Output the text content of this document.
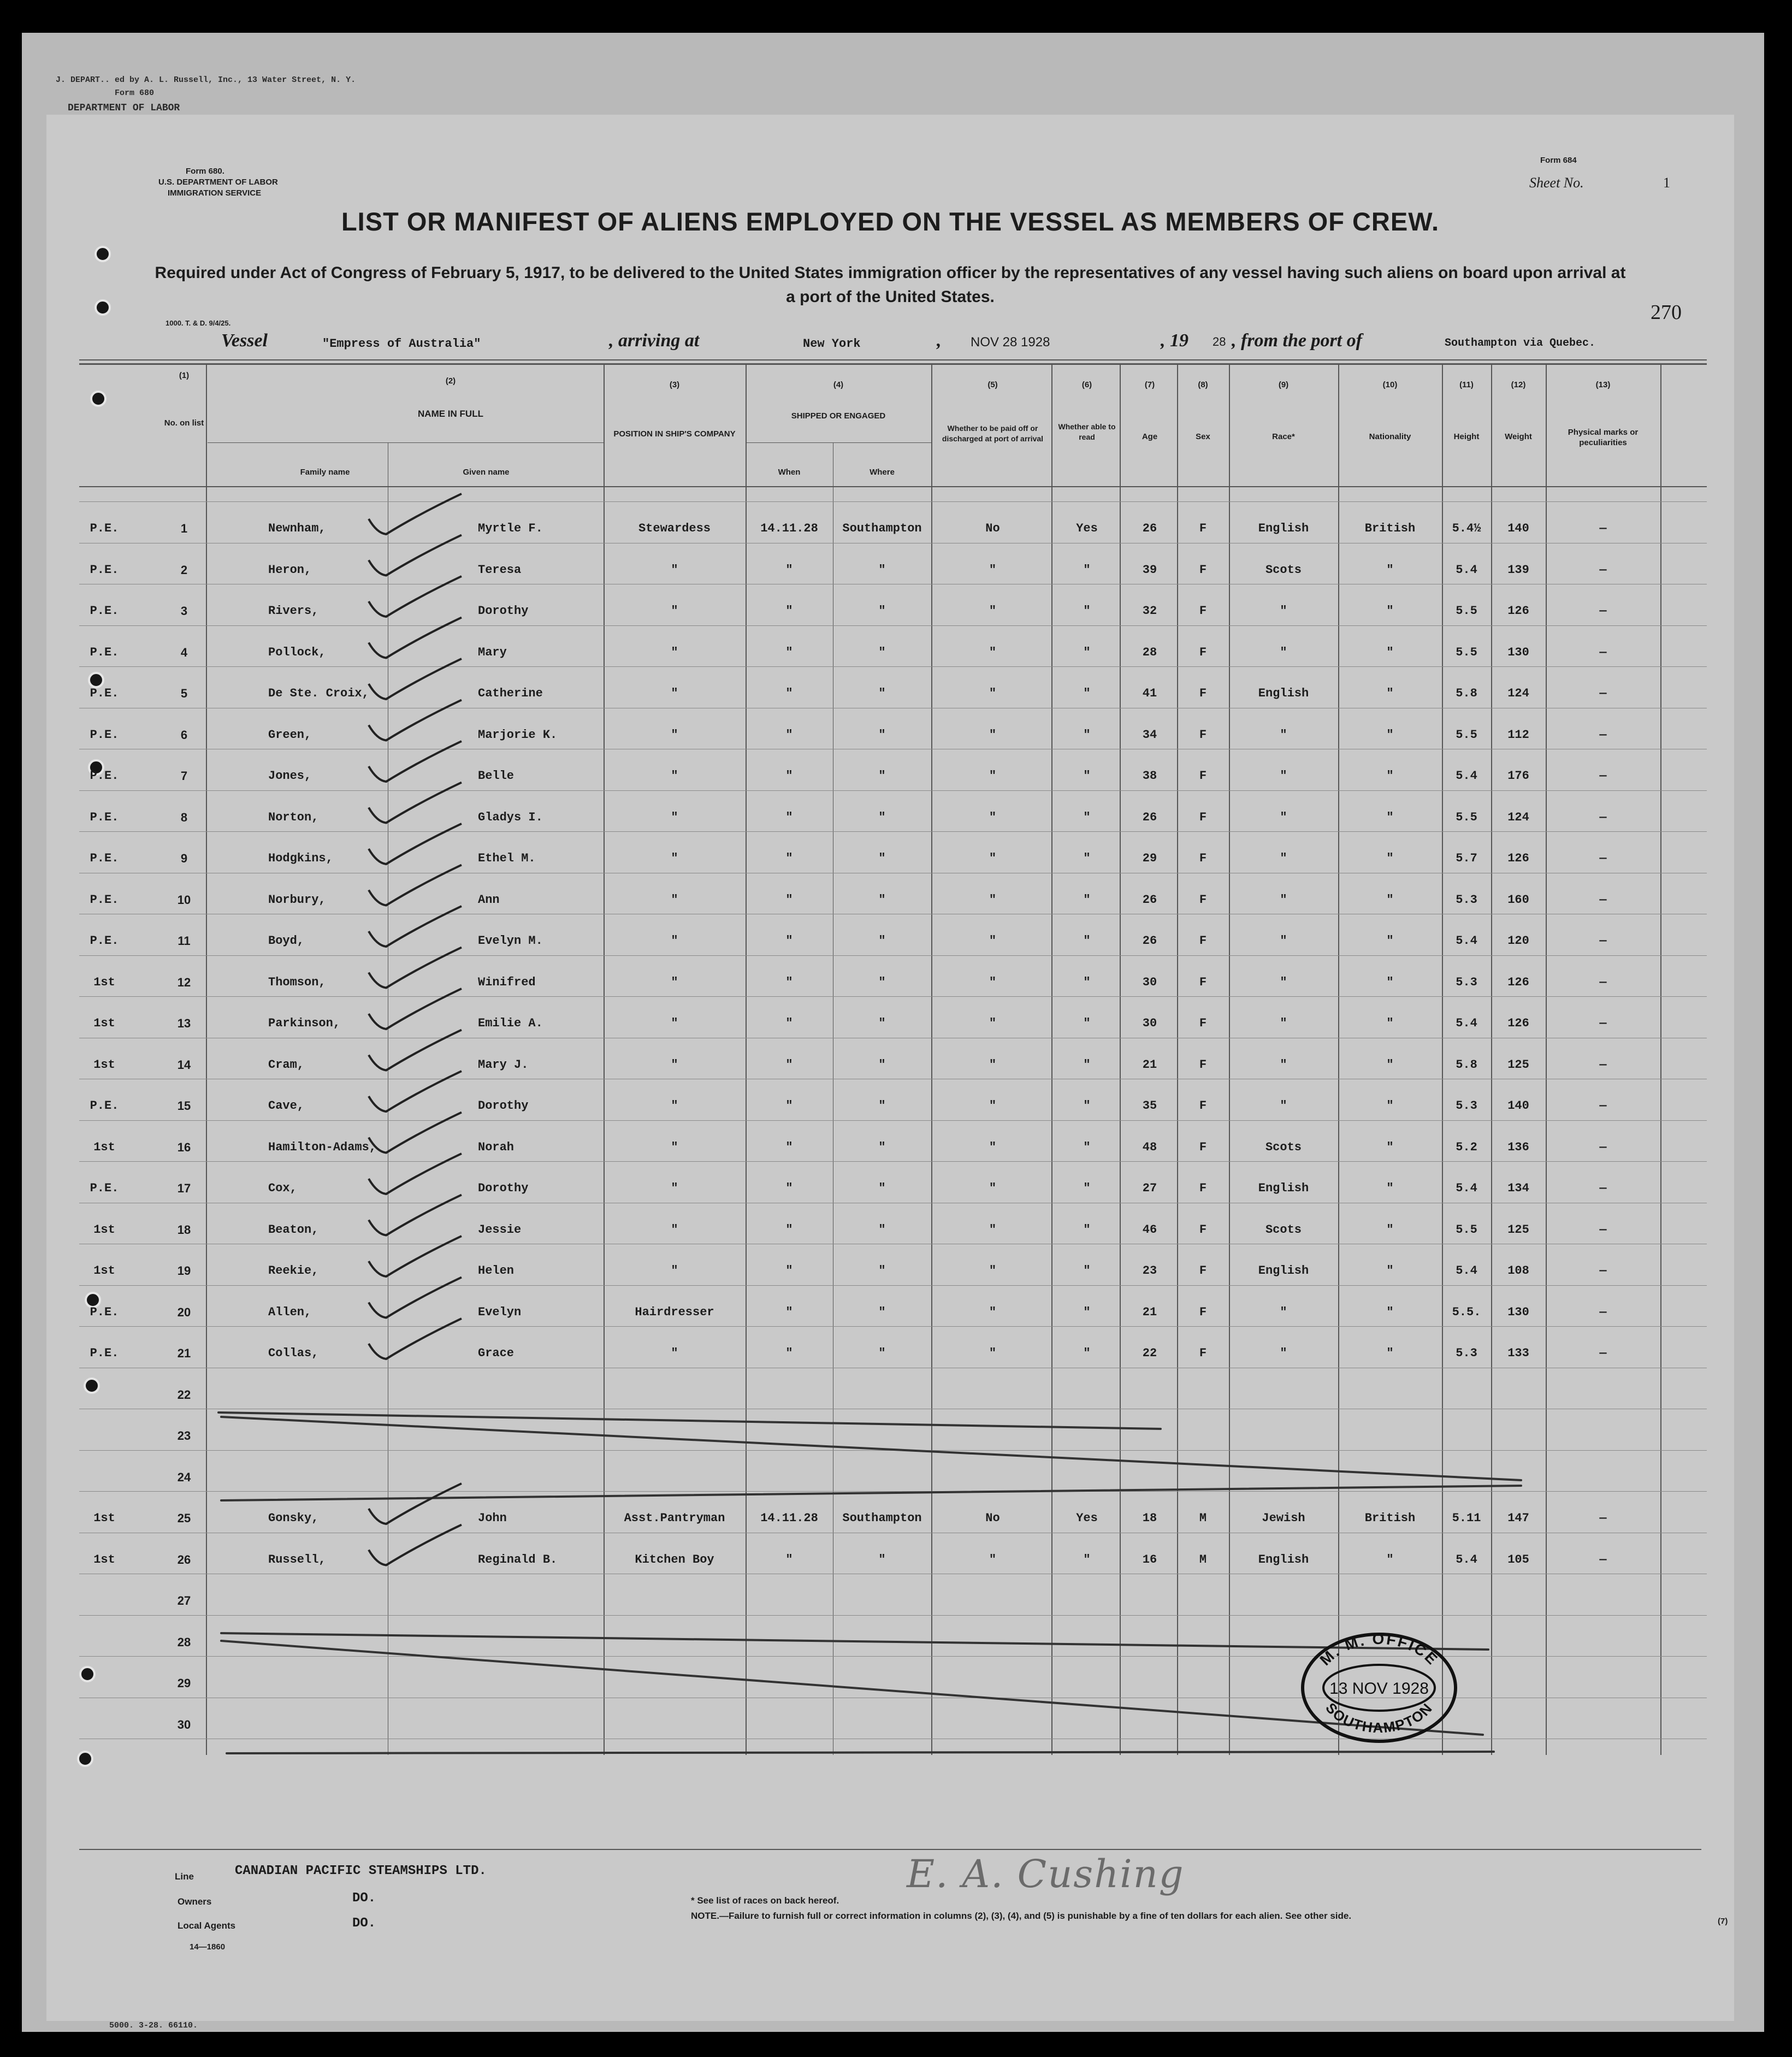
J. DEPART.. ed by A. L. Russell, Inc., 13 Water Street, N. Y.
Form 680
DEPARTMENT OF LABOR
5000. 3-28. 66110.
Form 680.
U.S. DEPARTMENT OF LABOR
IMMIGRATION SERVICE
1000. T. & D. 9/4/25.
Form 684
Sheet No.	1
270
LIST OR MANIFEST OF ALIENS EMPLOYED ON THE VESSEL AS MEMBERS OF CREW.
Required under Act of Congress of February 5, 1917, to be delivered to the United States immigration officer by the representatives of any vessel having such aliens on board upon arrival at a port of the United States.
Vessel	"Empress of Australia"	, arriving at	New York	, NOV 28 1928	, 19 28 , from the port of	Southampton via Quebec.
(1)
No. on list
(2)
NAME IN FULL
Family name	Given name
(3)
POSITION IN SHIP'S COMPANY
(4)
SHIPPED OR ENGAGED
When	Where
(5)
Whether to be paid off or discharged at port of arrival
(6)
Whether able to read
(7)
Age
(8)
Sex
(9)
Race*
(10)
Nationality
(11)
Height
(12)
Weight
(13)
Physical marks or peculiarities
P.E.	1	Newnham,	Myrtle F.	Stewardess	14.11.28	Southampton	No	Yes	26	F	English	British	5.4½	140	—
P.E.	2	Heron,	Teresa	"	"	"	"	"	39	F	Scots	"	5.4	139	—
P.E.	3	Rivers,	Dorothy	"	"	"	"	"	32	F	"	"	5.5	126	—
P.E.	4	Pollock,	Mary	"	"	"	"	"	28	F	"	"	5.5	130	—
P.E.	5	De Ste. Croix,	Catherine	"	"	"	"	"	41	F	English	"	5.8	124	—
P.E.	6	Green,	Marjorie K.	"	"	"	"	"	34	F	"	"	5.5	112	—
P.E.	7	Jones,	Belle	"	"	"	"	"	38	F	"	"	5.4	176	—
P.E.	8	Norton,	Gladys I.	"	"	"	"	"	26	F	"	"	5.5	124	—
P.E.	9	Hodgkins,	Ethel M.	"	"	"	"	"	29	F	"	"	5.7	126	—
P.E.	10	Norbury,	Ann	"	"	"	"	"	26	F	"	"	5.3	160	—
P.E.	11	Boyd,	Evelyn M.	"	"	"	"	"	26	F	"	"	5.4	120	—
1st	12	Thomson,	Winifred	"	"	"	"	"	30	F	"	"	5.3	126	—
1st	13	Parkinson,	Emilie A.	"	"	"	"	"	30	F	"	"	5.4	126	—
1st	14	Cram,	Mary J.	"	"	"	"	"	21	F	"	"	5.8	125	—
P.E.	15	Cave,	Dorothy	"	"	"	"	"	35	F	"	"	5.3	140	—
1st	16	Hamilton-Adams,	Norah	"	"	"	"	"	48	F	Scots	"	5.2	136	—
P.E.	17	Cox,	Dorothy	"	"	"	"	"	27	F	English	"	5.4	134	—
1st	18	Beaton,	Jessie	"	"	"	"	"	46	F	Scots	"	5.5	125	—
1st	19	Reekie,	Helen	"	"	"	"	"	23	F	English	"	5.4	108	—
P.E.	20	Allen,	Evelyn	Hairdresser	"	"	"	"	21	F	"	"	5.5.	130	—
P.E.	21	Collas,	Grace	"	"	"	"	"	22	F	"	"	5.3	133	—
22
23
24
1st	25	Gonsky,	John	Asst.Pantryman	14.11.28	Southampton	No	Yes	18	M	Jewish	British	5.11	147	—
1st	26	Russell,	Reginald B.	Kitchen Boy	"	"	"	"	16	M	English	"	5.4	105	—
27
28
29
30
M. M. OFFICE
13 NOV 1928
SOUTHAMPTON
Line	CANADIAN PACIFIC STEAMSHIPS LTD.
Owners	DO.
Local Agents	DO.
14—1860
E. A. Cushing
* See list of races on back hereof.
NOTE.—Failure to furnish full or correct information in columns (2), (3), (4), and (5) is punishable by a fine of ten dollars for each alien. See other side.
(7)
